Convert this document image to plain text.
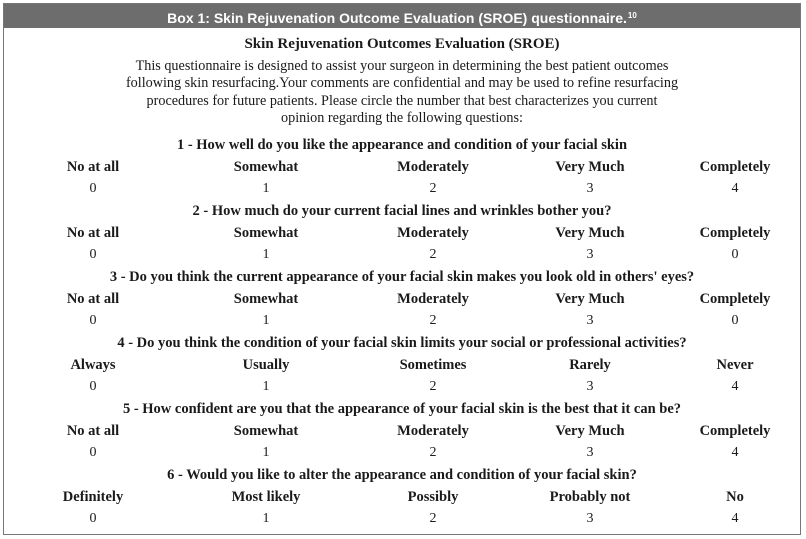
Box 1: Skin Rejuvenation Outcome Evaluation (SROE) questionnaire.$^{10}$
Skin Rejuvenation Outcomes Evaluation (SROE)
This questionnaire is designed to assist your surgeon in determining the best patient outcomes
following skin resurfacing.Your comments are confidential and may be used to refine resurfacing
procedures for future patients. Please circle the number that best characterizes you current
opinion regarding the following questions:
1 - How well do you like the appearance and condition of your facial skin
No at all	Somewhat	Moderately	Very Much	Completely
0	1	2	3	4
2 - How much do your current facial lines and wrinkles bother you?
No at all	Somewhat	Moderately	Very Much	Completely
0	1	2	3	0
3 - Do you think the current appearance of your facial skin makes you look old in others' eyes?
No at all	Somewhat	Moderately	Very Much	Completely
0	1	2	3	0
4 - Do you think the condition of your facial skin limits your social or professional activities?
Always	Usually	Sometimes	Rarely	Never
0	1	2	3	4
5 - How confident are you that the appearance of your facial skin is the best that it can be?
No at all	Somewhat	Moderately	Very Much	Completely
0	1	2	3	4
6 - Would you like to alter the appearance and condition of your facial skin?
Definitely	Most likely	Possibly	Probably not	No
0	1	2	3	4
